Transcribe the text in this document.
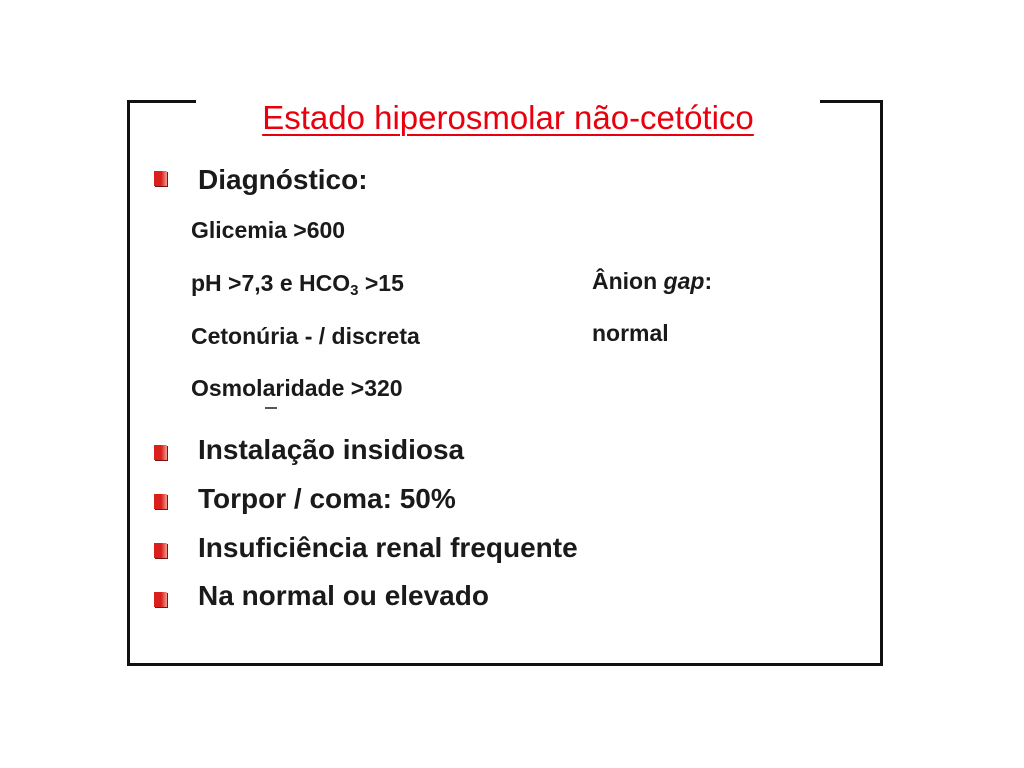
Estado hiperosmolar não-cetótico
Diagnóstico:
Glicemia >600
pH >7,3 e $HCO_3 >15$
Cetonúria - / discreta
Osmolaridade >320
Ânion gap:
normal
Instalação insidiosa
Torpor / coma: 50%
Insuficiência renal frequente
Na normal ou elevado
